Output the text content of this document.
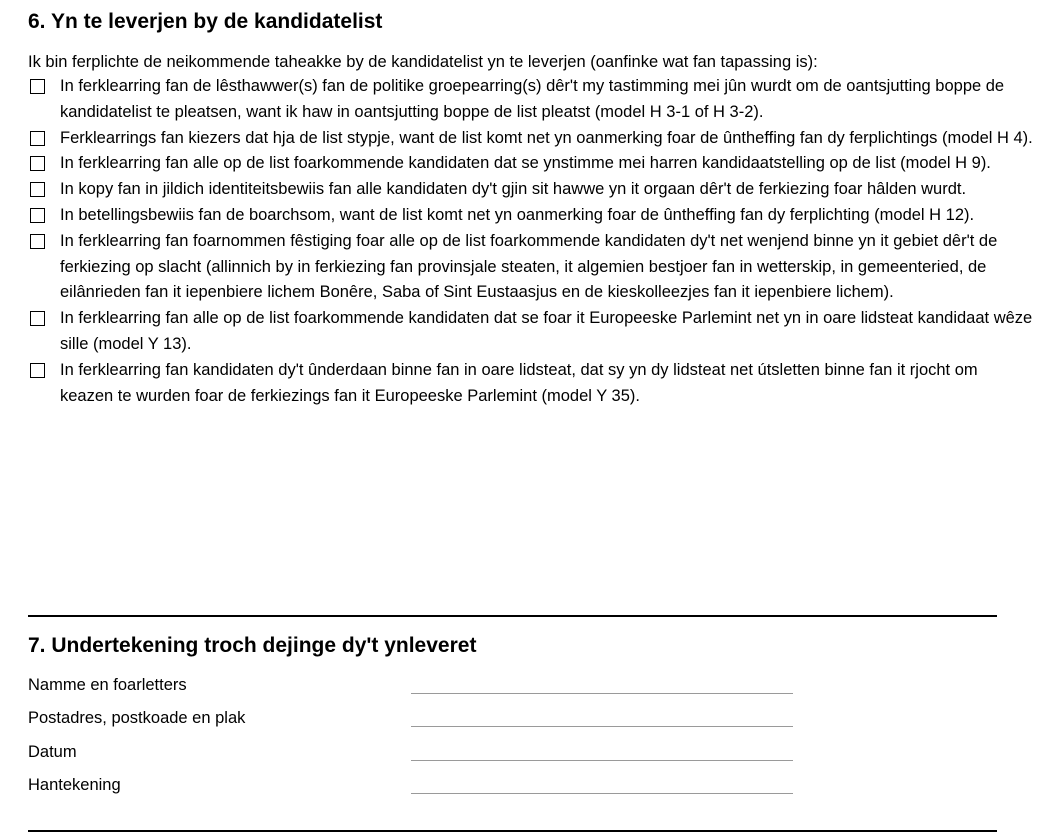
6. Yn te leverjen by de kandidatelist
Ik bin ferplichte de neikommende taheakke by de kandidatelist yn te leverjen (oanfinke wat fan tapassing is):
In ferklearring fan de lêsthawwer(s) fan de politike groepearring(s) dêr't my tastimming mei jûn wurdt om de oantsjutting boppe de kandidatelist te pleatsen, want ik haw in oantsjutting boppe de list pleatst (model H 3-1 of H 3-2).
Ferklearrings fan kiezers dat hja de list stypje, want de list komt net yn oanmerking foar de ûntheffing fan dy ferplichtings (model H 4).
In ferklearring fan alle op de list foarkommende kandidaten dat se ynstimme mei harren kandidaatstelling op de list (model H 9).
In kopy fan in jildich identiteitsbewiis fan alle kandidaten dy't gjin sit hawwe yn it orgaan dêr't de ferkiezing foar hâlden wurdt.
In betellingsbewiis fan de boarchsom, want de list komt net yn oanmerking foar de ûntheffing fan dy ferplichting (model H 12).
In ferklearring fan foarnommen fêstiging foar alle op de list foarkommende kandidaten dy't net wenjend binne yn it gebiet dêr't de ferkiezing op slacht (allinnich by in ferkiezing fan provinsjale steaten, it algemien bestjoer fan in wetterskip, in gemeenteried, de eilânrieden fan it iepenbiere lichem Bonêre, Saba of Sint Eustaasjus en de kieskolleezjes fan it iepenbiere lichem).
In ferklearring fan alle op de list foarkommende kandidaten dat se foar it Europeeske Parlemint net yn in oare lidsteat kandidaat wêze sille (model Y 13).
In ferklearring fan kandidaten dy't ûnderdaan binne fan in oare lidsteat, dat sy yn dy lidsteat net útsletten binne fan it rjocht om keazen te wurden foar de ferkiezings fan it Europeeske Parlemint (model Y 35).
7. Undertekening troch dejinge dy't ynleveret
Namme en foarletters
Postadres, postkoade en plak
Datum
Hantekening
